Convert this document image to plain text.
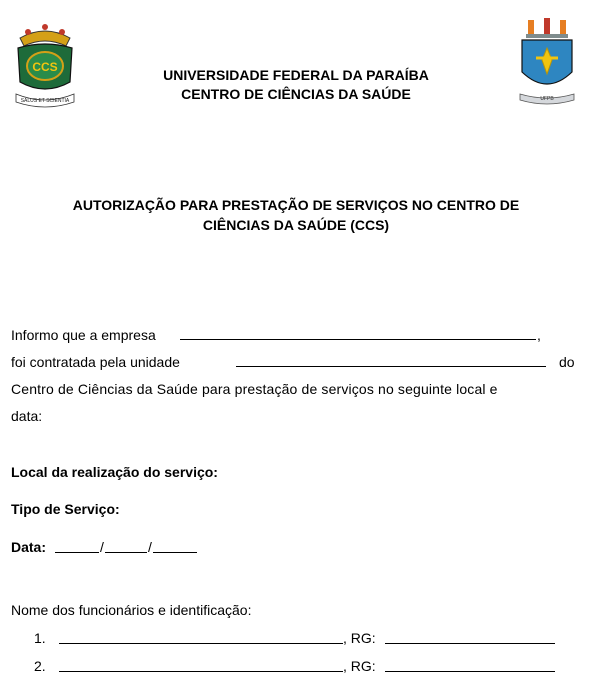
CCS
SALUS ET SCIENTIA	UFPB
UNIVERSIDADE FEDERAL DA PARAÍBA
CENTRO DE CIÊNCIAS DA SAÚDE
AUTORIZAÇÃO PARA PRESTAÇÃO DE SERVIÇOS NO CENTRO DE
CIÊNCIAS DA SAÚDE (CCS)
Informo que a empresa	,
foi contratada pela unidade	do
Centro de Ciências da Saúde para prestação de serviços no seguinte local e
data:
Local da realização do serviço:
Tipo de Serviço:
Data:	/	/
Nome dos funcionários e identificação:
1.	, RG:
2.	, RG:
